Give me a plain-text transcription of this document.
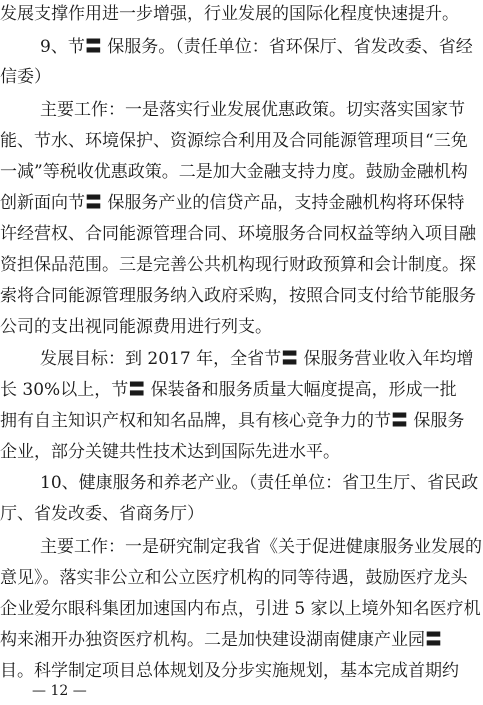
发展支撑作用进一步增强，行业发展的国际化程度快速提升。
9、节〓 保服务。（责任单位：省环保厅、省发改委、省经
信委）
主要工作：一是落实行业发展优惠政策。切实落实国家节
能、节水、环境保护、资源综合利用及合同能源管理项目“三免
一减”等税收优惠政策。二是加大金融支持力度。鼓励金融机构
创新面向节〓 保服务产业的信贷产品，支持金融机构将环保特
许经营权、合同能源管理合同、环境服务合同权益等纳入项目融
资担保品范围。三是完善公共机构现行财政预算和会计制度。探
索将合同能源管理服务纳入政府采购，按照合同支付给节能服务
公司的支出视同能源费用进行列支。
发展目标：到 2017 年，全省节〓 保服务营业收入年均增
长 30%以上，节〓 保装备和服务质量大幅度提高，形成一批
拥有自主知识产权和知名品牌，具有核心竞争力的节〓 保服务
企业，部分关键共性技术达到国际先进水平。
10、健康服务和养老产业。（责任单位：省卫生厅、省民政
厅、省发改委、省商务厅）
主要工作：一是研究制定我省《关于促进健康服务业发展的
意见》。落实非公立和公立医疗机构的同等待遇，鼓励医疗龙头
企业爱尔眼科集团加速国内布点，引进 5 家以上境外知名医疗机
构来湘开办独资医疗机构。二是加快建设湖南健康产业园〓
目。科学制定项目总体规划及分步实施规划，基本完成首期约
— 12 —
